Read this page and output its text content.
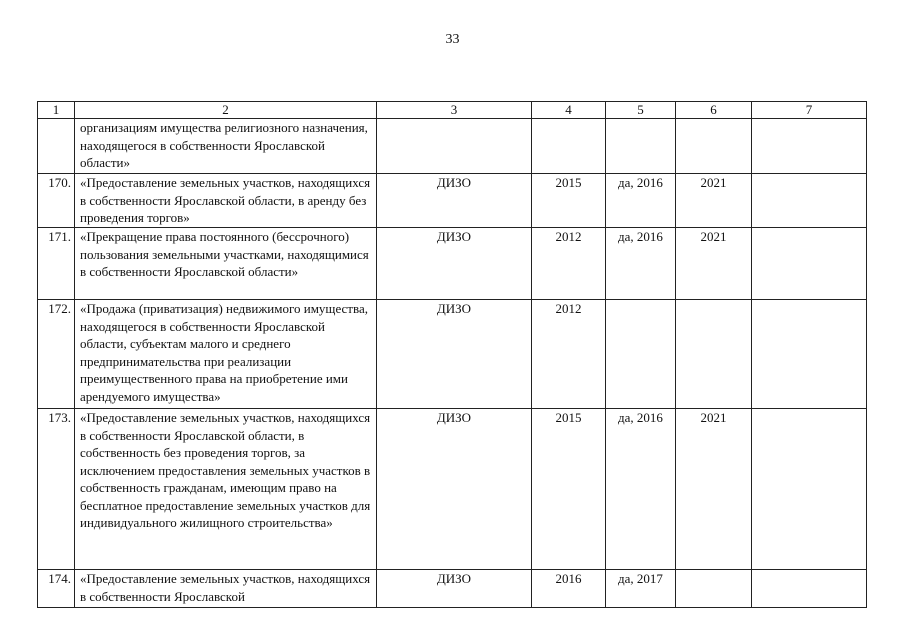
33
1	2	3	4	5	6	7
	организациям имущества религиозного назначения, находящегося в собственности Ярославской области»					
170.	«Предоставление земельных участков, находящихся в собственности Ярославской области, в аренду без проведения торгов»	ДИЗО	2015	да, 2016	2021	
171.	«Прекращение права постоянного (бессрочного) пользования земельными участками, находящимися в собственности Ярославской области»	ДИЗО	2012	да, 2016	2021	
172.	«Продажа (приватизация) недвижимого имущества, находящегося в собственности Ярославской области, субъектам малого и среднего предпринимательства при реализации преимущественного права на приобретение ими арендуемого имущества»	ДИЗО	2012			
173.	«Предоставление земельных участков, находящихся в собственности Ярославской области, в собственность без проведения торгов, за исключением предоставления земельных участков в собственность гражданам, имеющим право на бесплатное предоставление земельных участков для индивидуального жилищного строительства»	ДИЗО	2015	да, 2016	2021	
174.	«Предоставление земельных участков, находящихся в собственности Ярославской	ДИЗО	2016	да, 2017		
